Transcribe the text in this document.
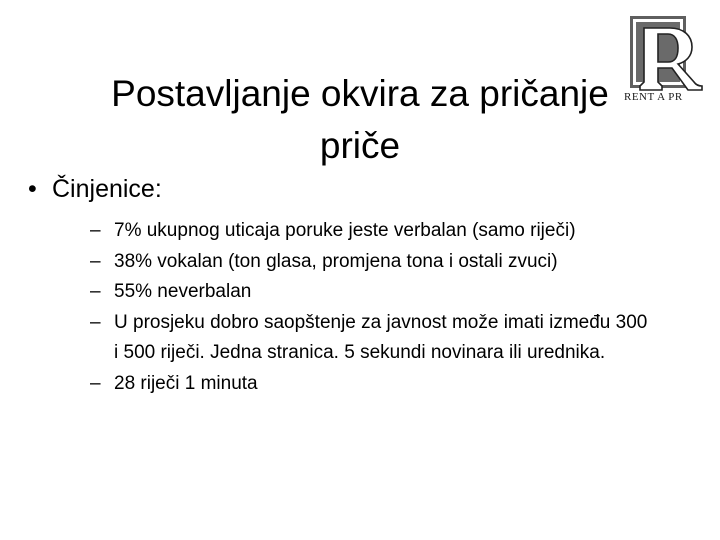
Postavljanje okvira za pričanje
priče
RENT A PR
• Činjenice:
– 7% ukupnog uticaja poruke jeste verbalan (samo riječi)
– 38% vokalan (ton glasa, promjena tona i ostali zvuci)
– 55% neverbalan
– U prosjeku dobro saopštenje za javnost može imati između 300 i 500 riječi. Jedna stranica. 5 sekundi novinara ili urednika.
– 28 riječi 1 minuta
